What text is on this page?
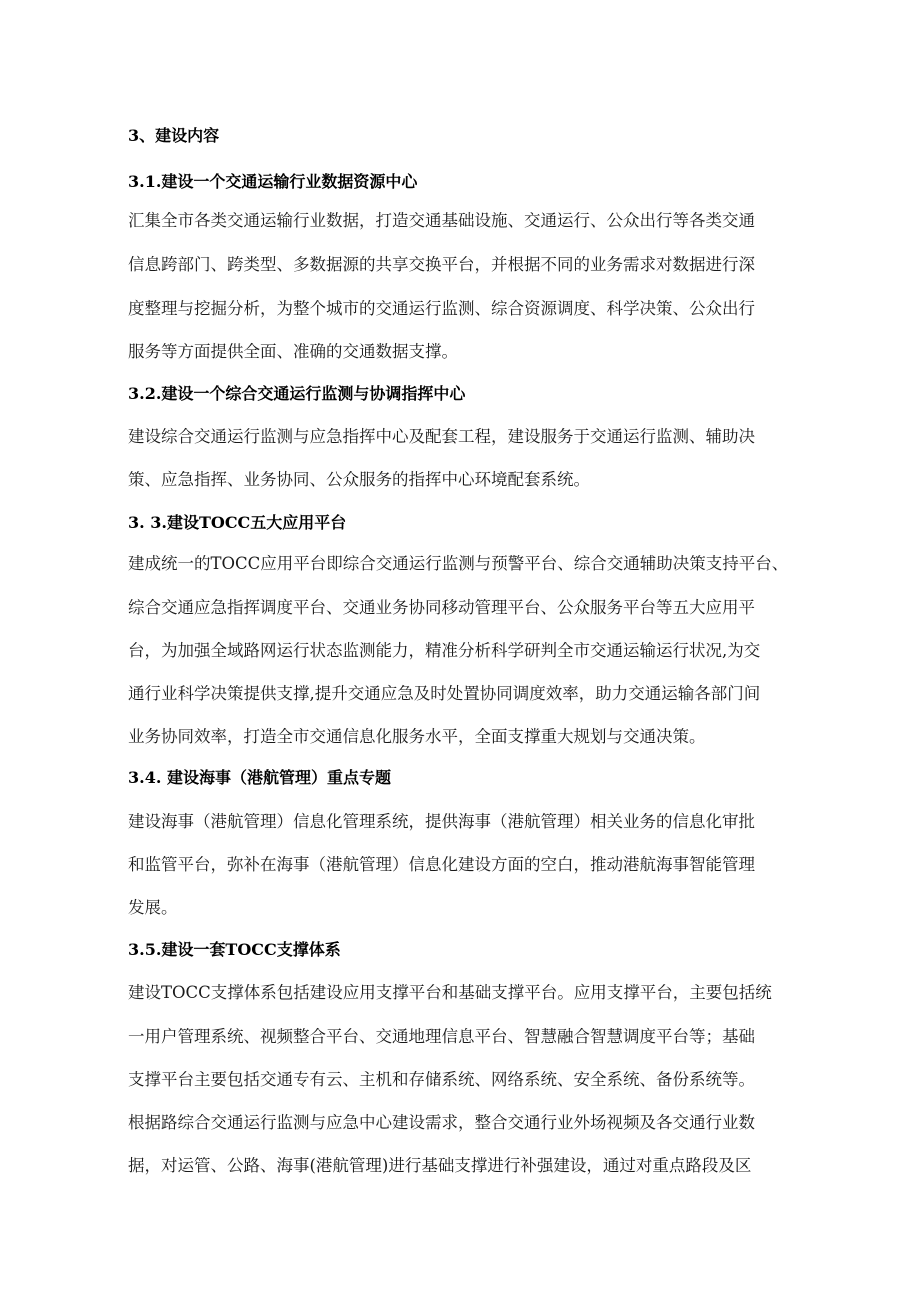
3、建设内容
3.1.建设一个交通运输行业数据资源中心
汇集全市各类交通运输行业数据，打造交通基础设施、交通运行、公众出行等各类交通
信息跨部门、跨类型、多数据源的共享交换平台，并根据不同的业务需求对数据进行深
度整理与挖掘分析，为整个城市的交通运行监测、综合资源调度、科学决策、公众出行
服务等方面提供全面、准确的交通数据支撑。
3.2.建设一个综合交通运行监测与协调指挥中心
建设综合交通运行监测与应急指挥中心及配套工程，建设服务于交通运行监测、辅助决
策、应急指挥、业务协同、公众服务的指挥中心环境配套系统。
3. 3.建设TOCC五大应用平台
建成统一的TOCC应用平台即综合交通运行监测与预警平台、综合交通辅助决策支持平台、
综合交通应急指挥调度平台、交通业务协同移动管理平台、公众服务平台等五大应用平
台，为加强全域路网运行状态监测能力，精准分析科学研判全市交通运输运行状况,为交
通行业科学决策提供支撑,提升交通应急及时处置协同调度效率，助力交通运输各部门间
业务协同效率，打造全市交通信息化服务水平，全面支撑重大规划与交通决策。
3.4. 建设海事（港航管理）重点专题
建设海事（港航管理）信息化管理系统，提供海事（港航管理）相关业务的信息化审批
和监管平台，弥补在海事（港航管理）信息化建设方面的空白，推动港航海事智能管理
发展。
3.5.建设一套TOCC支撑体系
建设TOCC支撑体系包括建设应用支撑平台和基础支撑平台。应用支撑平台，主要包括统
一用户管理系统、视频整合平台、交通地理信息平台、智慧融合智慧调度平台等；基础
支撑平台主要包括交通专有云、主机和存储系统、网络系统、安全系统、备份系统等。
根据路综合交通运行监测与应急中心建设需求，整合交通行业外场视频及各交通行业数
据，对运管、公路、海事(港航管理)进行基础支撑进行补强建设，通过对重点路段及区
